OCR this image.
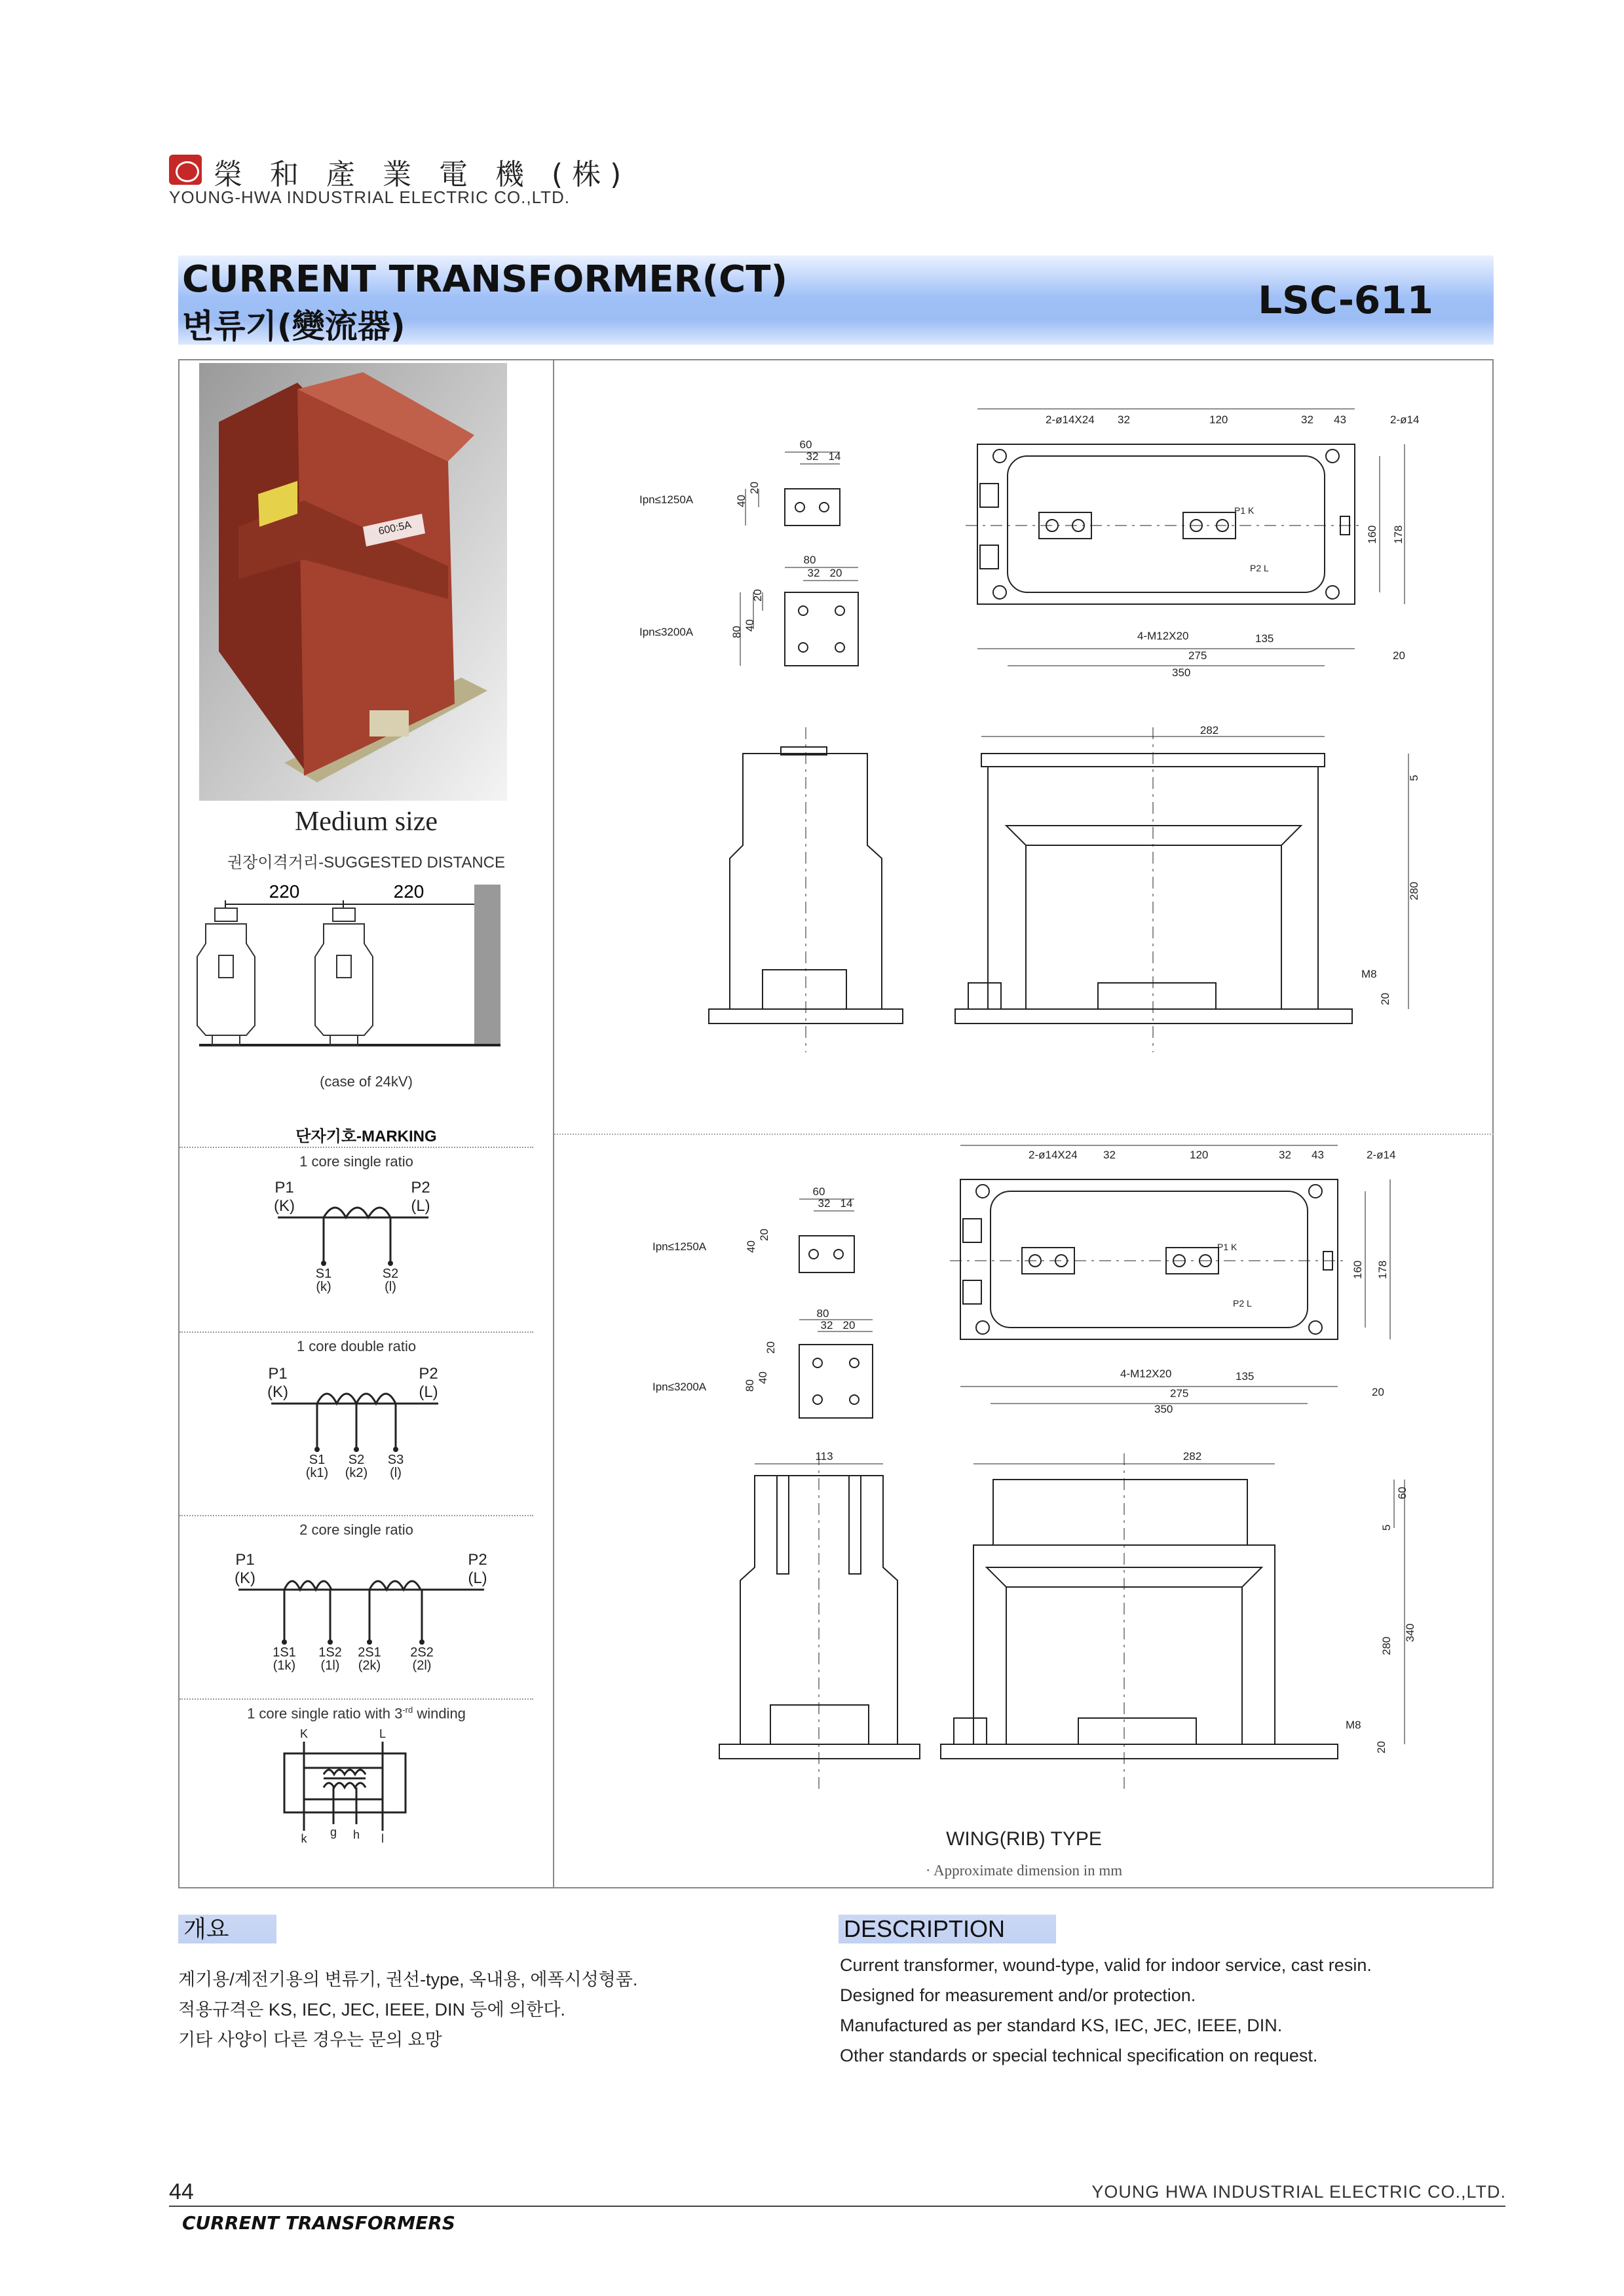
榮 和 產 業 電 機 (株)
YOUNG-HWA INDUSTRIAL ELECTRIC CO.,LTD.
CURRENT TRANSFORMER(CT)
변류기(變流器)
LSC-611
600:5A
Medium size
권장이격거리-SUGGESTED DISTANCE
220	220
(case of 24kV)
단자기호-MARKING
1 core single ratio
P1
(K)
P2
(L)
S1
(k)
S2
(l)
1 core double ratio
P1
(K)
P2
(L)
S1
(k1)
S2
(k2)
S3
(l)
2 core single ratio
P1
(K)
P2
(L)
1S1
(1k)
1S2
(1l)
2S1
(2k)
2S2
(2l)
1 core single ratio with $3^{-rd}$ winding
K	L
k g h l
Ipn≤1250A
60
32 14
40
20
Ipn≤3200A
80
32 20
80
40
20
2-ø14X24 32	120	32 43	2-ø14
4-M12X20	135
275
350
20
160 178
P1 K
P2 L
282
5
280
M8
20
Ipn≤1250A
60
32 14
40
20
Ipn≤3200A
80
32 20
80
40
20
2-ø14X24 32	120	32 43	2-ø14
4-M12X20	135
275
350
20
160 178
P1 K
P2 L
113	282
60
5
280
340
M8
20
WING(RIB) TYPE
· Approximate dimension in mm
개요
계기용/계전기용의 변류기, 권선-type, 옥내용, 에폭시성형품.
적용규격은 KS, IEC, JEC, IEEE, DIN 등에 의한다.
기타 사양이 다른 경우는 문의 요망
DESCRIPTION
Current transformer, wound-type, valid for indoor service, cast resin.
Designed for measurement and/or protection.
Manufactured as per standard KS, IEC, JEC, IEEE, DIN.
Other standards or special technical specification on request.
44	YOUNG HWA INDUSTRIAL ELECTRIC CO.,LTD.
CURRENT TRANSFORMERS
